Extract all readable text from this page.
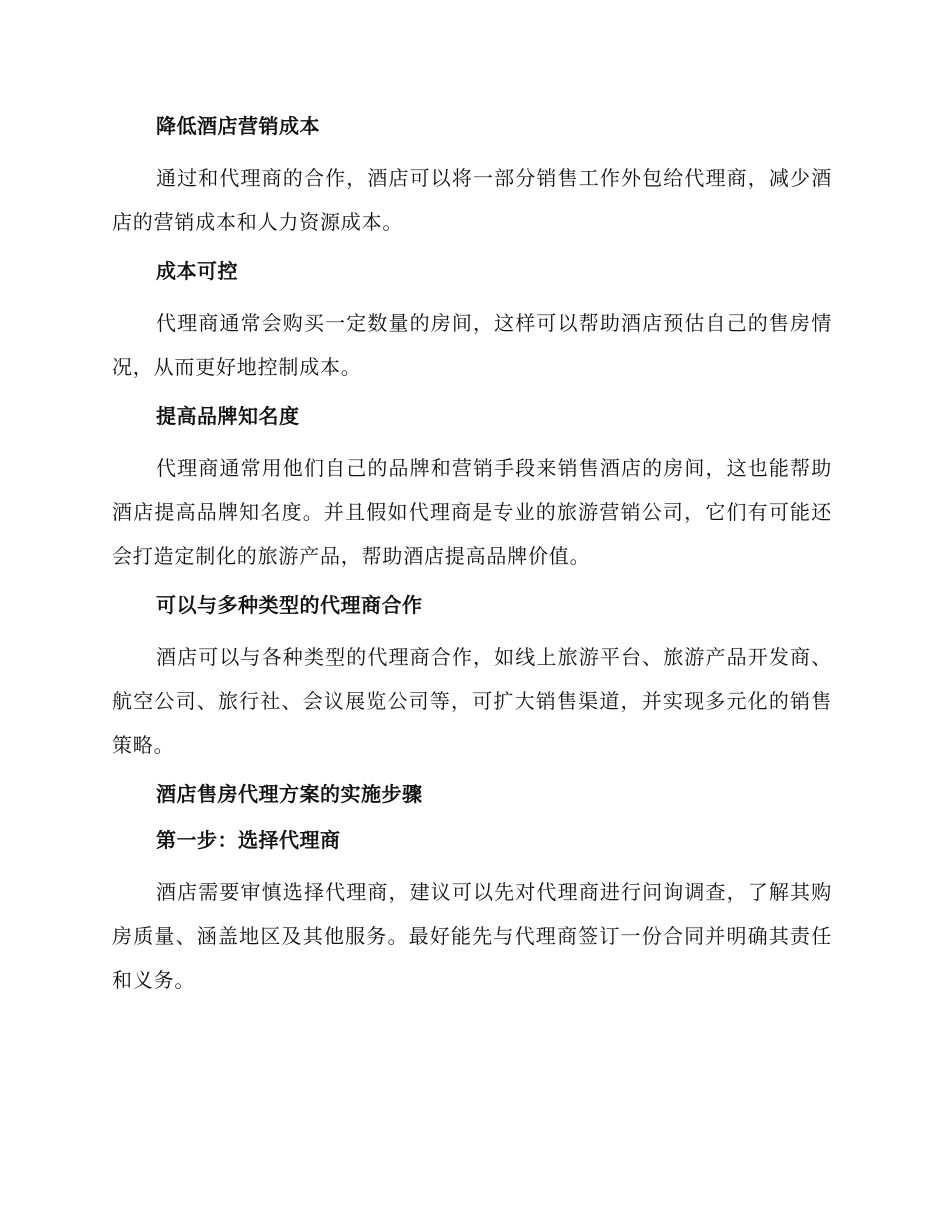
降低酒店营销成本

通过和代理商的合作，酒店可以将一部分销售工作外包给代理商，减少酒店的营销成本和人力资源成本。

成本可控

代理商通常会购买一定数量的房间，这样可以帮助酒店预估自己的售房情况，从而更好地控制成本。

提高品牌知名度

代理商通常用他们自己的品牌和营销手段来销售酒店的房间，这也能帮助酒店提高品牌知名度。并且假如代理商是专业的旅游营销公司，它们有可能还会打造定制化的旅游产品，帮助酒店提高品牌价值。

可以与多种类型的代理商合作

酒店可以与各种类型的代理商合作，如线上旅游平台、旅游产品开发商、航空公司、旅行社、会议展览公司等，可扩大销售渠道，并实现多元化的销售策略。

酒店售房代理方案的实施步骤
第一步：选择代理商

酒店需要审慎选择代理商，建议可以先对代理商进行问询调查，了解其购房质量、涵盖地区及其他服务。最好能先与代理商签订一份合同并明确其责任和义务。
